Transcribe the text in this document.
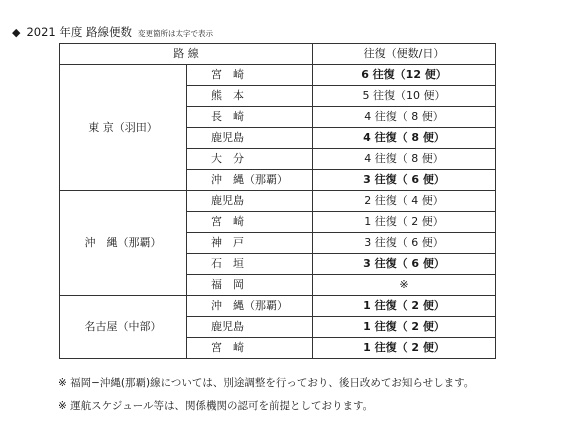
◆ 2021 年度 路線便数 変更箇所は太字で表示
路 線		往復（便数/日）
東 京（羽田）	宮　崎	6 往復（12 便）
	熊　本	5 往復（10 便）
	長　崎	4 往復（ 8 便）
	鹿児島	4 往復（ 8 便）
	大　分	4 往復（ 8 便）
	沖　縄（那覇）	3 往復（ 6 便）
沖　縄（那覇）	鹿児島	2 往復（ 4 便）
	宮　崎	1 往復（ 2 便）
	神　戸	3 往復（ 6 便）
	石　垣	3 往復（ 6 便）
	福　岡	※
名古屋（中部）	沖　縄（那覇）	1 往復（ 2 便）
	鹿児島	1 往復（ 2 便）
	宮　崎	1 往復（ 2 便）
※ 福岡−沖縄(那覇)線については、別途調整を行っており、後日改めてお知らせします。
※ 運航スケジュール等は、関係機関の認可を前提としております。
